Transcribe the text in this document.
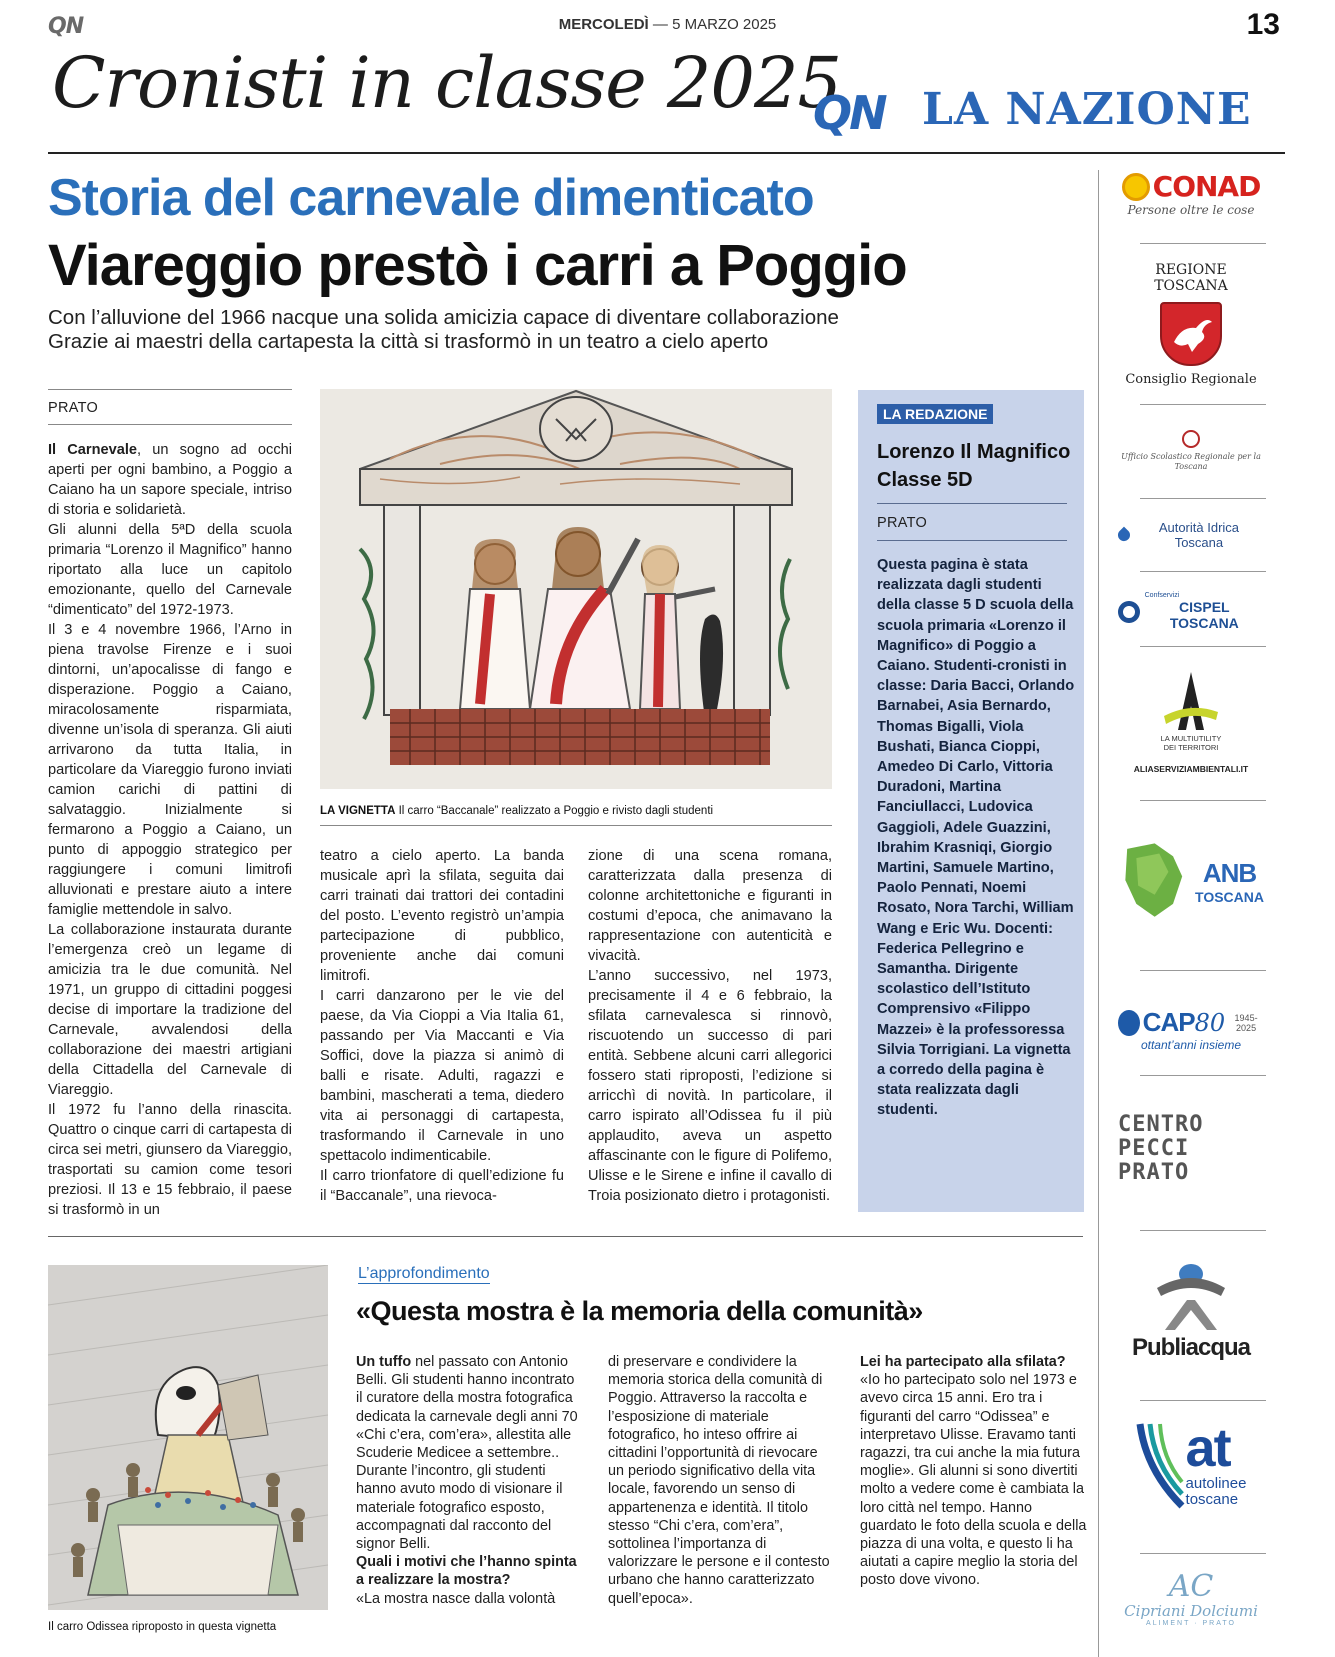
QN	MERCOLEDÌ — 5 MARZO 2025	13
Cronisti in classe 2025
QN LA NAZIONE
Storia del carnevale dimenticato
Viareggio prestò i carri a Poggio
Con l’alluvione del 1966 nacque una solida amicizia capace di diventare collaborazione
Grazie ai maestri della cartapesta la città si trasformò in un teatro a cielo aperto
PRATO

Il Carnevale, un sogno ad occhi aperti per ogni bambino, a Poggio a Caiano ha un sapore speciale, intriso di storia e solidarietà.

Gli alunni della 5ªD della scuola primaria “Lorenzo il Magnifico” hanno riportato alla luce un capitolo emozionante, quello del Carnevale “dimenticato” del 1972-1973.

Il 3 e 4 novembre 1966, l’Arno in piena travolse Firenze e i suoi dintorni, un’apocalisse di fango e disperazione. Poggio a Caiano, miracolosamente risparmiata, divenne un’isola di speranza. Gli aiuti arrivarono da tutta Italia, in particolare da Viareggio furono inviati camion carichi di pattini di salvataggio. Inizialmente si fermarono a Poggio a Caiano, un punto di appoggio strategico per raggiungere i comuni limitrofi alluvionati e prestare aiuto a intere famiglie mettendole in salvo.

La collaborazione instaurata durante l’emergenza creò un legame di amicizia tra le due comunità. Nel 1971, un gruppo di cittadini poggesi decise di importare la tradizione del Carnevale, avvalendosi della collaborazione dei maestri artigiani della Cittadella del Carnevale di Viareggio.

Il 1972 fu l’anno della rinascita. Quattro o cinque carri di cartapesta di circa sei metri, giunsero da Viareggio, trasportati su camion come tesori preziosi. Il 13 e 15 febbraio, il paese si trasformò in un

LA VIGNETTA Il carro “Baccanale” realizzato a Poggio e rivisto dagli studenti

teatro a cielo aperto. La banda musicale aprì la sfilata, seguita dai carri trainati dai trattori dei contadini del posto. L’evento registrò un’ampia partecipazione di pubblico, proveniente anche dai comuni limitrofi.

I carri danzarono per le vie del paese, da Via Cioppi a Via Italia 61, passando per Via Maccanti e Via Soffici, dove la piazza si animò di balli e risate. Adulti, ragazzi e bambini, mascherati a tema, diedero vita ai personaggi di cartapesta, trasformando il Carnevale in uno spettacolo indimenticabile.

Il carro trionfatore di quell’edizione fu il “Baccanale”, una rievoca-

zione di una scena romana, caratterizzata dalla presenza di colonne architettoniche e figuranti in costumi d’epoca, che animavano la rappresentazione con autenticità e vivacità.

L’anno successivo, nel 1973, precisamente il 4 e 6 febbraio, la sfilata carnevalesca si rinnovò, riscuotendo un successo di pari entità. Sebbene alcuni carri allegorici fossero stati riproposti, l’edizione si arricchì di novità. In particolare, il carro ispirato all’Odissea fu il più applaudito, aveva un aspetto affascinante con le figure di Polifemo, Ulisse e le Sirene e infine il cavallo di Troia posizionato dietro i protagonisti.

LA REDAZIONE
Lorenzo Il Magnifico
Classe 5D
PRATO
Questa pagina è stata realizzata dagli studenti della classe 5 D scuola della scuola primaria «Lorenzo il Magnifico» di Poggio a Caiano. Studenti-cronisti in classe: Daria Bacci, Orlando Barnabei, Asia Bernardo, Thomas Bigalli, Viola Bushati, Bianca Cioppi, Amedeo Di Carlo, Vittoria Duradoni, Martina Fanciullacci, Ludovica Gaggioli, Adele Guazzini, Ibrahim Krasniqi, Giorgio Martini, Samuele Martino, Paolo Pennati, Noemi Rosato, Nora Tarchi, William Wang e Eric Wu. Docenti: Federica Pellegrino e Samantha. Dirigente scolastico dell’Istituto Comprensivo «Filippo Mazzei» è la professoressa Silvia Torrigiani. La vignetta a corredo della pagina è stata realizzata dagli studenti.
Il carro Odissea riproposto in questa vignetta
L’approfondimento
«Questa mostra è la memoria della comunità»
Un tuffo nel passato con Antonio Belli. Gli studenti hanno incontrato il curatore della mostra fotografica dedicata la carnevale degli anni 70 «Chi c’era, com’era», allestita alle Scuderie Medicee a settembre.. Durante l’incontro, gli studenti hanno avuto modo di visionare il materiale fotografico esposto, accompagnati dal racconto del signor Belli.
Quali i motivi che l’hanno spinta a realizzare la mostra?
«La mostra nasce dalla volontà
di preservare e condividere la memoria storica della comunità di Poggio. Attraverso la raccolta e l’esposizione di materiale fotografico, ho inteso offrire ai cittadini l’opportunità di rievocare un periodo significativo della vita locale, favorendo un senso di appartenenza e identità. Il titolo stesso “Chi c’era, com’era”, sottolinea l’importanza di valorizzare le persone e il contesto urbano che hanno caratterizzato quell’epoca».
Lei ha partecipato alla sfilata?
«Io ho partecipato solo nel 1973 e avevo circa 15 anni. Ero tra i figuranti del carro “Odissea” e interpretavo Ulisse. Eravamo tanti ragazzi, tra cui anche la mia futura moglie». Gli alunni si sono divertiti molto a vedere come è cambiata la loro città nel tempo. Hanno guardato le foto della scuola e della piazza di una volta, e questo li ha aiutati a capire meglio la storia del posto dove vivono.
CONAD
Persone oltre le cose
REGIONE TOSCANA
Consiglio Regionale
Ufficio Scolastico Regionale per la Toscana
Autorità Idrica Toscana
Confservizi
CISPEL TOSCANA
LA MULTIUTILITY
DEI TERRITORI
ALIASERVIZIAMBIENTALI.IT
ANB
TOSCANA
CAP 80	1945-2025
ottant’anni insieme
CENTRO PECCI PRATO
Publiacqua
at
autolinee
toscane
AC
Cipriani Dolciumi
ALIMENT · PRATO
